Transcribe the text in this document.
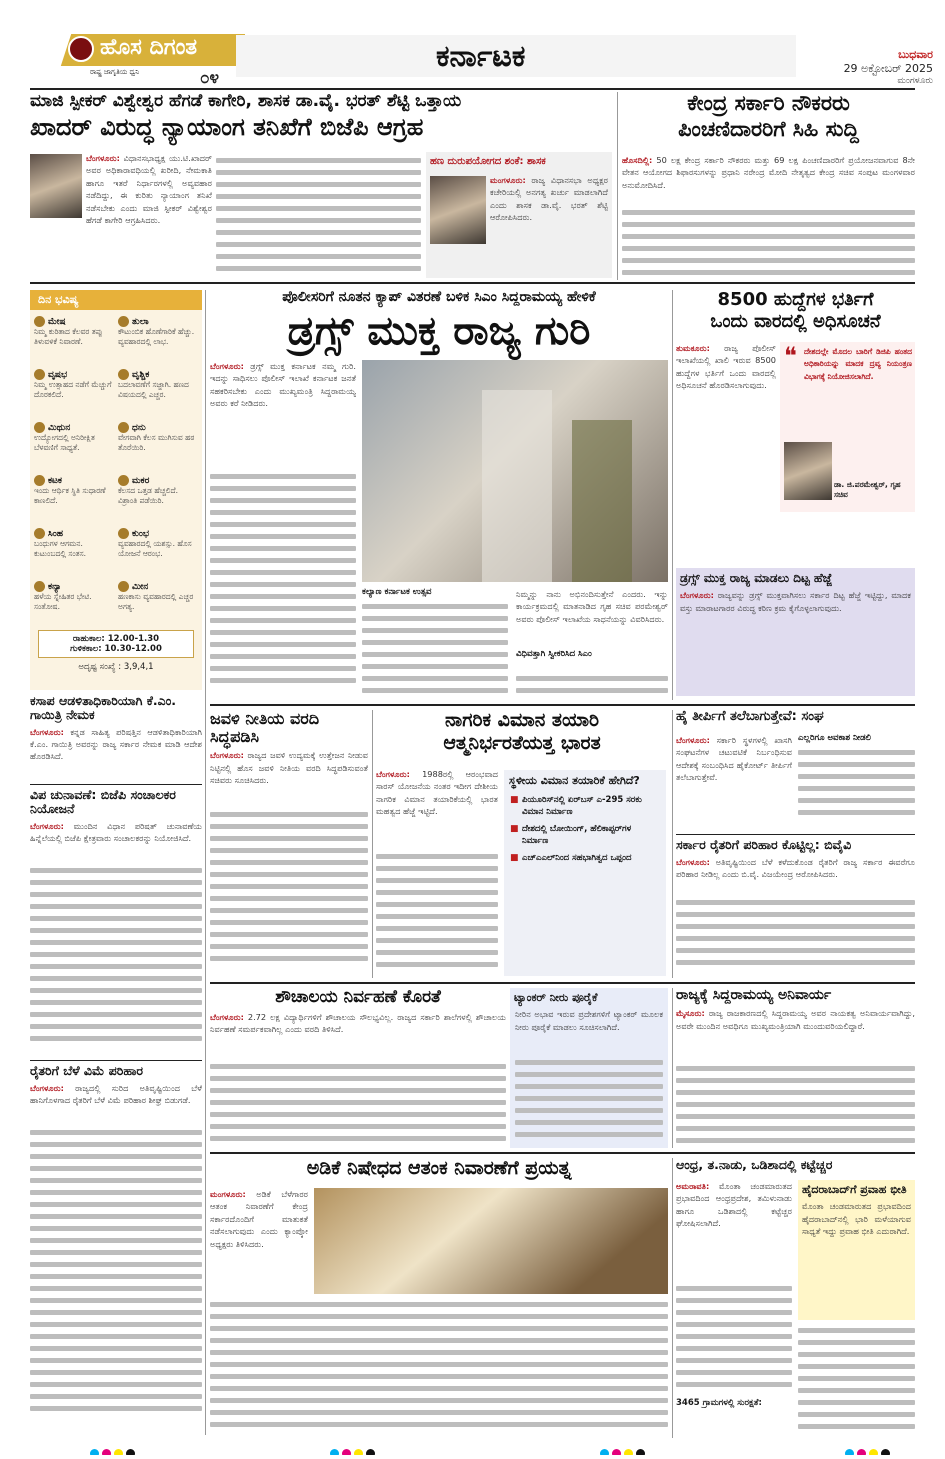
ಹೊಸ ದಿಗಂತ
ರಾಷ್ಟ್ರ ಜಾಗೃತಿಯ ಧ್ವನಿ	೦೪
ಕರ್ನಾಟಕ	ಬುಧವಾರ
29 ಅಕ್ಟೋಬರ್ 2025
ಮಂಗಳೂರು
ಮಾಜಿ ಸ್ಪೀಕರ್ ವಿಶ್ವೇಶ್ವರ ಹೆಗಡೆ ಕಾಗೇರಿ, ಶಾಸಕ ಡಾ.ವೈ. ಭರತ್ ಶೆಟ್ಟಿ ಒತ್ತಾಯ
ಖಾದರ್ ವಿರುದ್ಧ ನ್ಯಾಯಾಂಗ ತನಿಖೆಗೆ ಬಿಜೆಪಿ ಆಗ್ರಹ
ಬೆಂಗಳೂರು: ವಿಧಾನಸಭಾಧ್ಯಕ್ಷ ಯು.ಟಿ.ಖಾದರ್ ಅವರ ಅಧಿಕಾರಾವಧಿಯಲ್ಲಿ ಖರೀದಿ, ನೇಮಕಾತಿ ಹಾಗೂ ಇತರೆ ನಿರ್ಧಾರಗಳಲ್ಲಿ ಅವ್ಯವಹಾರ ನಡೆದಿದ್ದು, ಈ ಕುರಿತು ನ್ಯಾಯಾಂಗ ತನಿಖೆ ನಡೆಸಬೇಕು ಎಂದು ಮಾಜಿ ಸ್ಪೀಕರ್ ವಿಶ್ವೇಶ್ವರ ಹೆಗಡೆ ಕಾಗೇರಿ ಆಗ್ರಹಿಸಿದರು.
ಹಣ ದುರುಪಯೋಗದ ಶಂಕೆ: ಶಾಸಕ
ಮಂಗಳೂರು: ರಾಜ್ಯ ವಿಧಾನಸಭಾ ಅಧ್ಯಕ್ಷರ ಕಚೇರಿಯಲ್ಲಿ ಅನಗತ್ಯ ಖರ್ಚು ಮಾಡಲಾಗಿದೆ ಎಂದು ಶಾಸಕ ಡಾ.ವೈ. ಭರತ್ ಶೆಟ್ಟಿ ಆರೋಪಿಸಿದರು.
ಕೇಂದ್ರ ಸರ್ಕಾರಿ ನೌಕರರು
ಪಿಂಚಣಿದಾರರಿಗೆ ಸಿಹಿ ಸುದ್ದಿ
ಹೊಸದಿಲ್ಲಿ: 50 ಲಕ್ಷ ಕೇಂದ್ರ ಸರ್ಕಾರಿ ನೌಕರರು ಮತ್ತು 69 ಲಕ್ಷ ಪಿಂಚಣಿದಾರರಿಗೆ ಪ್ರಯೋಜನವಾಗುವ 8ನೇ ವೇತನ ಆಯೋಗದ ಶಿಫಾರಸುಗಳನ್ನು ಪ್ರಧಾನಿ ನರೇಂದ್ರ ಮೋದಿ ನೇತೃತ್ವದ ಕೇಂದ್ರ ಸಚಿವ ಸಂಪುಟ ಮಂಗಳವಾರ ಅನುಮೋದಿಸಿದೆ.
ದಿನ ಭವಿಷ್ಯ
ಮೇಷ
ನಿಮ್ಮ ಕುರಿತಾದ ಕೆಲವರ ತಪ್ಪು ತಿಳುವಳಿಕೆ ನಿವಾರಣೆ.
ತುಲಾ
ಕೌಟುಂಬಿಕ ಹೊಣೆಗಾರಿಕೆ ಹೆಚ್ಚು. ವ್ಯವಹಾರದಲ್ಲಿ ಲಾಭ.
ವೃಷಭ
ನಿಮ್ಮ ಉತ್ಸಾಹದ ನಡೆಗೆ ಮೆಚ್ಚುಗೆ ದೊರಕಲಿದೆ.
ವೃಶ್ಚಿಕ
ಬದಲಾವಣೆಗೆ ಸಜ್ಜಾಗಿ. ಹಣದ ವಿಷಯದಲ್ಲಿ ಎಚ್ಚರ.
ಮಿಥುನ
ಉದ್ಯೋಗದಲ್ಲಿ ಅನಿರೀಕ್ಷಿತ ಬೆಳವಣಿಗೆ ಸಾಧ್ಯತೆ.
ಧನು
ವೇಗವಾಗಿ ಕೆಲಸ ಮುಗಿಸುವ ಹಠ ತೊರೆಯಿರಿ.
ಕಟಕ
ಇಂದು ಆರ್ಥಿಕ ಸ್ಥಿತಿ ಸುಧಾರಣೆ ಕಾಣಲಿದೆ.
ಮಕರ
ಕೆಲಸದ ಒತ್ತಡ ಹೆಚ್ಚಲಿದೆ. ವಿಶ್ರಾಂತಿ ಪಡೆಯಿರಿ.
ಸಿಂಹ
ಬಂಧುಗಳ ಆಗಮನ. ಕುಟುಂಬದಲ್ಲಿ ಸಂತಸ.
ಕುಂಭ
ವ್ಯವಹಾರದಲ್ಲಿ ಯಶಸ್ಸು. ಹೊಸ ಯೋಜನೆ ಆರಂಭ.
ಕನ್ಯಾ
ಹಳೆಯ ಸ್ನೇಹಿತರ ಭೇಟಿ. ಸಂತೋಷ.
ಮೀನ
ಹಣಕಾಸು ವ್ಯವಹಾರದಲ್ಲಿ ಎಚ್ಚರ ಅಗತ್ಯ.
ರಾಹುಕಾಲ: 12.00-1.30
ಗುಳಿಕಕಾಲ: 10.30-12.00
ಅದೃಷ್ಟ ಸಂಖ್ಯೆ : 3,9,4,1
ಕಸಾಪ ಆಡಳಿತಾಧಿಕಾರಿಯಾಗಿ ಕೆ.ಎಂ. ಗಾಯಿತ್ರಿ ನೇಮಕ
ಬೆಂಗಳೂರು: ಕನ್ನಡ ಸಾಹಿತ್ಯ ಪರಿಷತ್ತಿನ ಆಡಳಿತಾಧಿಕಾರಿಯಾಗಿ ಕೆ.ಎಂ. ಗಾಯಿತ್ರಿ ಅವರನ್ನು ರಾಜ್ಯ ಸರ್ಕಾರ ನೇಮಕ ಮಾಡಿ ಆದೇಶ ಹೊರಡಿಸಿದೆ.
ವಿಪ ಚುನಾವಣೆ: ಬಿಜೆಪಿ ಸಂಚಾಲಕರ ನಿಯೋಜನೆ
ಬೆಂಗಳೂರು: ಮುಂದಿನ ವಿಧಾನ ಪರಿಷತ್ ಚುನಾವಣೆಯ ಹಿನ್ನೆಲೆಯಲ್ಲಿ ಬಿಜೆಪಿ ಕ್ಷೇತ್ರವಾರು ಸಂಚಾಲಕರನ್ನು ನಿಯೋಜಿಸಿದೆ.
ರೈತರಿಗೆ ಬೆಳೆ ವಿಮೆ ಪರಿಹಾರ
ಬೆಂಗಳೂರು: ರಾಜ್ಯದಲ್ಲಿ ಸುರಿದ ಅತಿವೃಷ್ಟಿಯಿಂದ ಬೆಳೆ ಹಾನಿಗೊಳಗಾದ ರೈತರಿಗೆ ಬೆಳೆ ವಿಮೆ ಪರಿಹಾರ ಶೀಘ್ರ ಬಿಡುಗಡೆ.
ಪೊಲೀಸರಿಗೆ ನೂತನ ಕ್ಯಾಪ್ ವಿತರಣೆ ಬಳಿಕ ಸಿಎಂ ಸಿದ್ದರಾಮಯ್ಯ ಹೇಳಿಕೆ
ಡ್ರಗ್ಸ್ ಮುಕ್ತ ರಾಜ್ಯ ಗುರಿ
ಬೆಂಗಳೂರು: ಡ್ರಗ್ಸ್ ಮುಕ್ತ ಕರ್ನಾಟಕ ನಮ್ಮ ಗುರಿ. ಇದನ್ನು ಸಾಧಿಸಲು ಪೊಲೀಸ್ ಇಲಾಖೆ ಕರ್ನಾಟಕ ಜನತೆ ಸಹಕರಿಸಬೇಕು ಎಂದು ಮುಖ್ಯಮಂತ್ರಿ ಸಿದ್ದರಾಮಯ್ಯ ಅವರು ಕರೆ ನೀಡಿದರು.
ಕಲ್ಯಾಣ ಕರ್ನಾಟಕ ಉತ್ಸವ	ನಿಮ್ಮನ್ನು ನಾನು ಅಭಿನಂದಿಸುತ್ತೇನೆ ಎಂದರು. ಇನ್ನು ಕಾರ್ಯಕ್ರಮದಲ್ಲಿ ಮಾತನಾಡಿದ ಗೃಹ ಸಚಿವ ಪರಮೇಶ್ವರ್ ಅವರು ಪೊಲೀಸ್ ಇಲಾಖೆಯ ಸಾಧನೆಯನ್ನು ವಿವರಿಸಿದರು.
ವಿಧಿವತ್ತಾಗಿ ಸ್ವೀಕರಿಸಿದ ಸಿಎಂ
8500 ಹುದ್ದೆಗಳ ಭರ್ತಿಗೆ
ಒಂದು ವಾರದಲ್ಲಿ ಅಧಿಸೂಚನೆ
ತುಮಕೂರು: ರಾಜ್ಯ ಪೊಲೀಸ್ ಇಲಾಖೆಯಲ್ಲಿ ಖಾಲಿ ಇರುವ 8500 ಹುದ್ದೆಗಳ ಭರ್ತಿಗೆ ಒಂದು ವಾರದಲ್ಲಿ ಅಧಿಸೂಚನೆ ಹೊರಡಿಸಲಾಗುವುದು.
❝ ದೇಶದಲ್ಲೇ ಮೊದಲ ಬಾರಿಗೆ ಡಿಜಿಪಿ ಹಂತದ ಅಧಿಕಾರಿಯನ್ನು ಮಾದಕ ದ್ರವ್ಯ ನಿಯಂತ್ರಣ ವಿಭಾಗಕ್ಕೆ ನಿಯೋಜಿಸಲಾಗಿದೆ.
ಡಾ. ಜಿ.ಪರಮೇಶ್ವರ್, ಗೃಹ ಸಚಿವ
ಡ್ರಗ್ಸ್ ಮುಕ್ತ ರಾಜ್ಯ ಮಾಡಲು ದಿಟ್ಟ ಹೆಜ್ಜೆ
ಬೆಂಗಳೂರು: ರಾಜ್ಯವನ್ನು ಡ್ರಗ್ಸ್ ಮುಕ್ತವಾಗಿಸಲು ಸರ್ಕಾರ ದಿಟ್ಟ ಹೆಜ್ಜೆ ಇಟ್ಟಿದ್ದು, ಮಾದಕ ವಸ್ತು ಮಾರಾಟಗಾರರ ವಿರುದ್ಧ ಕಠಿಣ ಕ್ರಮ ಕೈಗೊಳ್ಳಲಾಗುವುದು.
ಜವಳಿ ನೀತಿಯ ವರದಿ ಸಿದ್ಧಪಡಿಸಿ
ಬೆಂಗಳೂರು: ರಾಜ್ಯದ ಜವಳಿ ಉದ್ಯಮಕ್ಕೆ ಉತ್ತೇಜನ ನೀಡುವ ನಿಟ್ಟಿನಲ್ಲಿ ಹೊಸ ಜವಳಿ ನೀತಿಯ ವರದಿ ಸಿದ್ಧಪಡಿಸುವಂತೆ ಸಚಿವರು ಸೂಚಿಸಿದರು.
ನಾಗರಿಕ ವಿಮಾನ ತಯಾರಿ
ಆತ್ಮನಿರ್ಭರತೆಯತ್ತ ಭಾರತ
ಬೆಂಗಳೂರು: 1988ರಲ್ಲಿ ಆರಂಭವಾದ ಸಾರಸ್ ಯೋಜನೆಯ ನಂತರ ಇದೀಗ ದೇಶೀಯ ನಾಗರಿಕ ವಿಮಾನ ತಯಾರಿಕೆಯಲ್ಲಿ ಭಾರತ ಮಹತ್ವದ ಹೆಜ್ಜೆ ಇಟ್ಟಿದೆ.
ಸ್ಥಳೀಯ ವಿಮಾನ ತಯಾರಿಕೆ ಹೇಗಿದೆ?
■ ಪಿಯೂರಿಸ್‌ನಲ್ಲಿ ಏರ್‌ಬಸ್ ಎ-295 ಸರಕು ವಿಮಾನ ನಿರ್ಮಾಣ
■ ದೇಶದಲ್ಲಿ ಬೋಯಿಂಗ್, ಹೆಲಿಕಾಪ್ಟರ್‌ಗಳ ನಿರ್ಮಾಣ
■ ಎಚ್‌ಎಎಲ್‌ನಿಂದ ಸಹಭಾಗಿತ್ವದ ಒಪ್ಪಂದ
ಹೈ ತೀರ್ಪಿಗೆ ತಲೆಬಾಗುತ್ತೇವೆ: ಸಂಘ
ಬೆಂಗಳೂರು: ಸರ್ಕಾರಿ ಸ್ಥಳಗಳಲ್ಲಿ ಖಾಸಗಿ ಸಂಘಟನೆಗಳ ಚಟುವಟಿಕೆ ನಿರ್ಬಂಧಿಸುವ ಆದೇಶಕ್ಕೆ ಸಂಬಂಧಿಸಿದ ಹೈಕೋರ್ಟ್ ತೀರ್ಪಿಗೆ ತಲೆಬಾಗುತ್ತೇವೆ.
ಎಲ್ಲರಿಗೂ ಅವಕಾಶ ನೀಡಲಿ
ಸರ್ಕಾರ ರೈತರಿಗೆ ಪರಿಹಾರ ಕೊಟ್ಟಿಲ್ಲ: ಬಿವೈವಿ
ಬೆಂಗಳೂರು: ಅತಿವೃಷ್ಟಿಯಿಂದ ಬೆಳೆ ಕಳೆದುಕೊಂಡ ರೈತರಿಗೆ ರಾಜ್ಯ ಸರ್ಕಾರ ಈವರೆಗೂ ಪರಿಹಾರ ನೀಡಿಲ್ಲ ಎಂದು ಬಿ.ವೈ. ವಿಜಯೇಂದ್ರ ಆರೋಪಿಸಿದರು.
ಶೌಚಾಲಯ ನಿರ್ವಹಣೆ ಕೊರತೆ
ಬೆಂಗಳೂರು: 2.72 ಲಕ್ಷ ವಿದ್ಯಾರ್ಥಿಗಳಿಗೆ ಶೌಚಾಲಯ ಸೌಲಭ್ಯವಿಲ್ಲ. ರಾಜ್ಯದ ಸರ್ಕಾರಿ ಶಾಲೆಗಳಲ್ಲಿ ಶೌಚಾಲಯ ನಿರ್ವಹಣೆ ಸಮರ್ಪಕವಾಗಿಲ್ಲ ಎಂದು ವರದಿ ತಿಳಿಸಿದೆ.
ಟ್ಯಾಂಕರ್ ನೀರು ಪೂರೈಕೆ
ನೀರಿನ ಅಭಾವ ಇರುವ ಪ್ರದೇಶಗಳಿಗೆ ಟ್ಯಾಂಕರ್ ಮೂಲಕ ನೀರು ಪೂರೈಕೆ ಮಾಡಲು ಸೂಚಿಸಲಾಗಿದೆ.
ರಾಜ್ಯಕ್ಕೆ ಸಿದ್ದರಾಮಯ್ಯ ಅನಿವಾರ್ಯ
ಮೈಸೂರು: ರಾಜ್ಯ ರಾಜಕಾರಣದಲ್ಲಿ ಸಿದ್ದರಾಮಯ್ಯ ಅವರ ನಾಯಕತ್ವ ಅನಿವಾರ್ಯವಾಗಿದ್ದು, ಅವರೇ ಮುಂದಿನ ಅವಧಿಗೂ ಮುಖ್ಯಮಂತ್ರಿಯಾಗಿ ಮುಂದುವರಿಯಲಿದ್ದಾರೆ.
ಅಡಿಕೆ ನಿಷೇಧದ ಆತಂಕ ನಿವಾರಣೆಗೆ ಪ್ರಯತ್ನ
ಮಂಗಳೂರು: ಅಡಿಕೆ ಬೆಳೆಗಾರರ ಆತಂಕ ನಿವಾರಣೆಗೆ ಕೇಂದ್ರ ಸರ್ಕಾರದೊಂದಿಗೆ ಮಾತುಕತೆ ನಡೆಸಲಾಗುವುದು ಎಂದು ಕ್ಯಾಂಪ್ಕೋ ಅಧ್ಯಕ್ಷರು ತಿಳಿಸಿದರು.
ಆಂಧ್ರ, ತ.ನಾಡು, ಒಡಿಶಾದಲ್ಲಿ ಕಟ್ಟೆಚ್ಚರ
ಅಮರಾವತಿ: ಮೊಂತಾ ಚಂಡಮಾರುತದ ಪ್ರಭಾವದಿಂದ ಆಂಧ್ರಪ್ರದೇಶ, ತಮಿಳುನಾಡು ಹಾಗೂ ಒಡಿಶಾದಲ್ಲಿ ಕಟ್ಟೆಚ್ಚರ ಘೋಷಿಸಲಾಗಿದೆ.
3465 ಗ್ರಾಮಗಳಲ್ಲಿ ಸುರಕ್ಷತೆ:
ಹೈದರಾಬಾದ್‌ಗೆ ಪ್ರವಾಹ ಭೀತಿ
ಮೊಂತಾ ಚಂಡಮಾರುತದ ಪ್ರಭಾವದಿಂದ ಹೈದರಾಬಾದ್‌ನಲ್ಲಿ ಭಾರಿ ಮಳೆಯಾಗುವ ಸಾಧ್ಯತೆ ಇದ್ದು ಪ್ರವಾಹ ಭೀತಿ ಎದುರಾಗಿದೆ.
